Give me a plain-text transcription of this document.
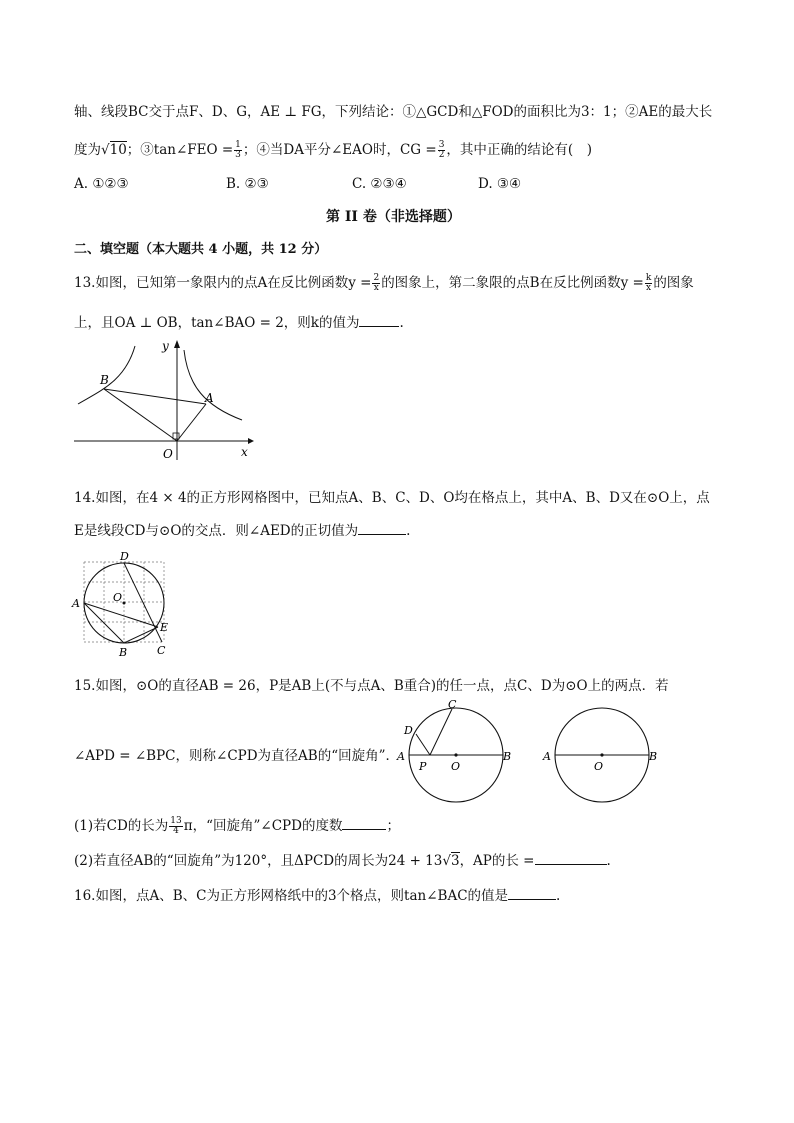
轴、线段BC交于点F、D、G，AE ⊥ FG，下列结论：①△GCD和△FOD的面积比为3：1；②AE的最大长
度为√10；③tan∠FEO = $\frac{1}{3}$ ；④当DA平分∠EAO时，CG = $\frac{3}{2}$ ，其中正确的结论有(　)
A. ①②③	B. ②③	C. ②③④	D. ③④
第 II 卷（非选择题）
二、填空题（本大题共 4 小题，共 12 分）
13.如图，已知第一象限内的点A在反比例函数$y = \frac{2}{x}$ 的图象上，第二象限的点B在反比例函数$y = \frac{k}{x}$ 的图象
上，且OA ⊥ OB，tan∠BAO = 2，则k的值为	.
B
A
O	x
y
14.如图，在4 × 4的正方形网格图中，已知点A、B、C、D、O均在格点上，其中A、B、D又在⊙O上，点
E是线段CD与⊙O的交点．则∠AED的正切值为	.
D
A	O
E
B	C
15.如图，⊙O的直径AB = 26，P是AB上(不与点A、B重合)的任一点，点C、D为⊙O上的两点．若
∠APD = ∠BPC，则称∠CPD为直径AB的“回旋角”．
A	B
C
D
P O
A	B
O
(1)若CD的长为 $\frac{13}{4}$ π，“回旋角”∠CPD的度数	；
(2)若直径AB的“回旋角”为120°，且ΔPCD的周长为24 + 13√3，AP的长 =	.
16.如图，点A、B、C为正方形网格纸中的3个格点，则tan∠BAC的值是	.
